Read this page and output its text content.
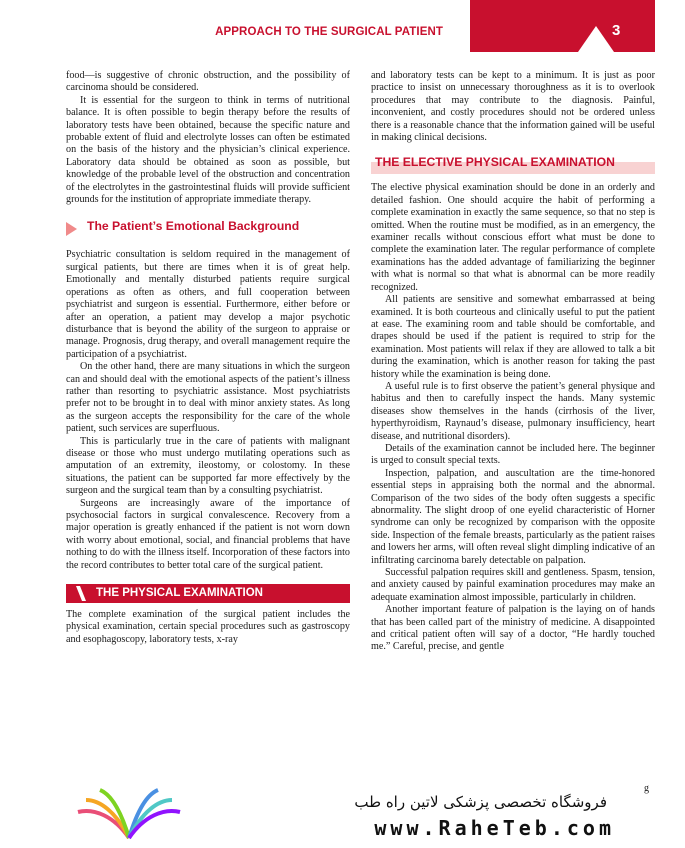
APPROACH TO THE SURGICAL PATIENT	3

food—is suggestive of chronic obstruction, and the possibility of carcinoma should be considered.

It is essential for the surgeon to think in terms of nutritional balance. It is often possible to begin therapy before the results of laboratory tests have been obtained, because the specific nature and probable extent of fluid and electrolyte losses can often be estimated on the basis of the history and the physician’s clinical experience. Laboratory data should be obtained as soon as possible, but knowledge of the probable level of the obstruction and concentration of the electrolytes in the gastrointestinal fluids will provide sufficient grounds for the institution of appropriate immediate therapy.

The Patient’s Emotional Background

Psychiatric consultation is seldom required in the management of surgical patients, but there are times when it is of great help. Emotionally and mentally disturbed patients require surgical operations as often as others, and full cooperation between psychiatrist and surgeon is essential. Furthermore, either before or after an operation, a patient may develop a major psychotic disturbance that is beyond the ability of the surgeon to appraise or manage. Prognosis, drug therapy, and overall management require the participation of a psychiatrist.

On the other hand, there are many situations in which the surgeon can and should deal with the emotional aspects of the patient’s illness rather than resorting to psychiatric assistance. Most psychiatrists prefer not to be brought in to deal with minor anxiety states. As long as the surgeon accepts the responsibility for the care of the whole patient, such services are superfluous.

This is particularly true in the care of patients with malignant disease or those who must undergo mutilating operations such as amputation of an extremity, ileostomy, or colostomy. In these situations, the patient can be supported far more effectively by the surgeon and the surgical team than by a consulting psychiatrist.

Surgeons are increasingly aware of the importance of psychosocial factors in surgical convalescence. Recovery from a major operation is greatly enhanced if the patient is not worn down with worry about emotional, social, and financial problems that have nothing to do with the illness itself. Incorporation of these factors into the record contributes to better total care of the surgical patient.

THE PHYSICAL EXAMINATION

The complete examination of the surgical patient includes the physical examination, certain special procedures such as gastroscopy and esophagoscopy, laboratory tests, x-ray

and laboratory tests can be kept to a minimum. It is just as poor practice to insist on unnecessary thoroughness as it is to overlook procedures that may contribute to the diagnosis. Painful, inconvenient, and costly procedures should not be ordered unless there is a reasonable chance that the information gained will be useful in making clinical decisions.

THE ELECTIVE PHYSICAL EXAMINATION

The elective physical examination should be done in an orderly and detailed fashion. One should acquire the habit of performing a complete examination in exactly the same sequence, so that no step is omitted. When the routine must be modified, as in an emergency, the examiner recalls without conscious effort what must be done to complete the examination later. The regular performance of complete examinations has the added advantage of familiarizing the beginner with what is normal so that what is abnormal can be more readily recognized.

All patients are sensitive and somewhat embarrassed at being examined. It is both courteous and clinically useful to put the patient at ease. The examining room and table should be comfortable, and drapes should be used if the patient is required to strip for the examination. Most patients will relax if they are allowed to talk a bit during the examination, which is another reason for taking the past history while the examination is being done.

A useful rule is to first observe the patient’s general physique and habitus and then to carefully inspect the hands. Many systemic diseases show themselves in the hands (cirrhosis of the liver, hyperthyroidism, Raynaud’s disease, pulmonary insufficiency, heart disease, and nutritional disorders).

Details of the examination cannot be included here. The beginner is urged to consult special texts.

Inspection, palpation, and auscultation are the time-honored essential steps in appraising both the normal and the abnormal. Comparison of the two sides of the body often suggests a specific abnormality. The slight droop of one eyelid characteristic of Horner syndrome can only be recognized by comparison with the opposite side. Inspection of the female breasts, particularly as the patient raises and lowers her arms, will often reveal slight dimpling indicative of an infiltrating carcinoma barely detectable on palpation.

Successful palpation requires skill and gentleness. Spasm, tension, and anxiety caused by painful examination procedures may make an adequate examination almost impossible, particularly in children.

Another important feature of palpation is the laying on of hands that has been called part of the ministry of medicine. A disappointed and critical patient often will say of a doctor, “He hardly touched me.” Careful, precise, and gentle

فروشگاه تخصصی پزشکی لاتین راه طب
www.RaheTeb.com
g
